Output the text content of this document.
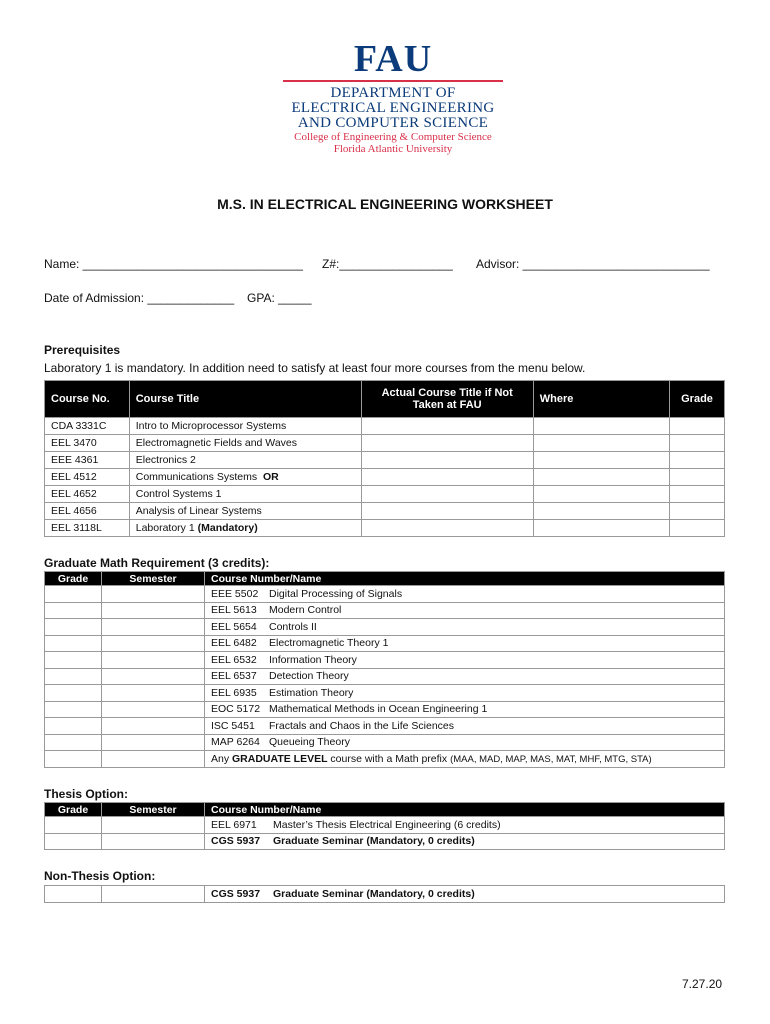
FAU
DEPARTMENT OF
ELECTRICAL ENGINEERING
AND COMPUTER SCIENCE
College of Engineering & Computer Science
Florida Atlantic University
M.S. IN ELECTRICAL ENGINEERING WORKSHEET
Name: _________________________________ Z#:_________________ Advisor: ____________________________
Date of Admission: _____________ GPA: _____
Prerequisites
Laboratory 1 is mandatory. In addition need to satisfy at least four more courses from the menu below.
Course No.	Course Title	Actual Course Title if Not Taken at FAU	Where	Grade
CDA 3331C	Intro to Microprocessor Systems			
EEL 3470	Electromagnetic Fields and Waves			
EEE 4361	Electronics 2			
EEL 4512	Communications Systems OR			
EEL 4652	Control Systems 1			
EEL 4656	Analysis of Linear Systems			
EEL 3118L	Laboratory 1 (Mandatory)			
Graduate Math Requirement (3 credits):
Grade	Semester	Course Number/Name
		EEE 5502 Digital Processing of Signals
		EEL 5613 Modern Control
		EEL 5654 Controls II
		EEL 6482 Electromagnetic Theory 1
		EEL 6532 Information Theory
		EEL 6537 Detection Theory
		EEL 6935 Estimation Theory
		EOC 5172 Mathematical Methods in Ocean Engineering 1
		ISC 5451 Fractals and Chaos in the Life Sciences
		MAP 6264 Queueing Theory
		Any GRADUATE LEVEL course with a Math prefix (MAA, MAD, MAP, MAS, MAT, MHF, MTG, STA)
Thesis Option:
Grade	Semester	Course Number/Name
		EEL 6971 Master’s Thesis Electrical Engineering (6 credits)
		CGS 5937 Graduate Seminar (Mandatory, 0 credits)
Non-Thesis Option:
		CGS 5937 Graduate Seminar (Mandatory, 0 credits)
7.27.20
